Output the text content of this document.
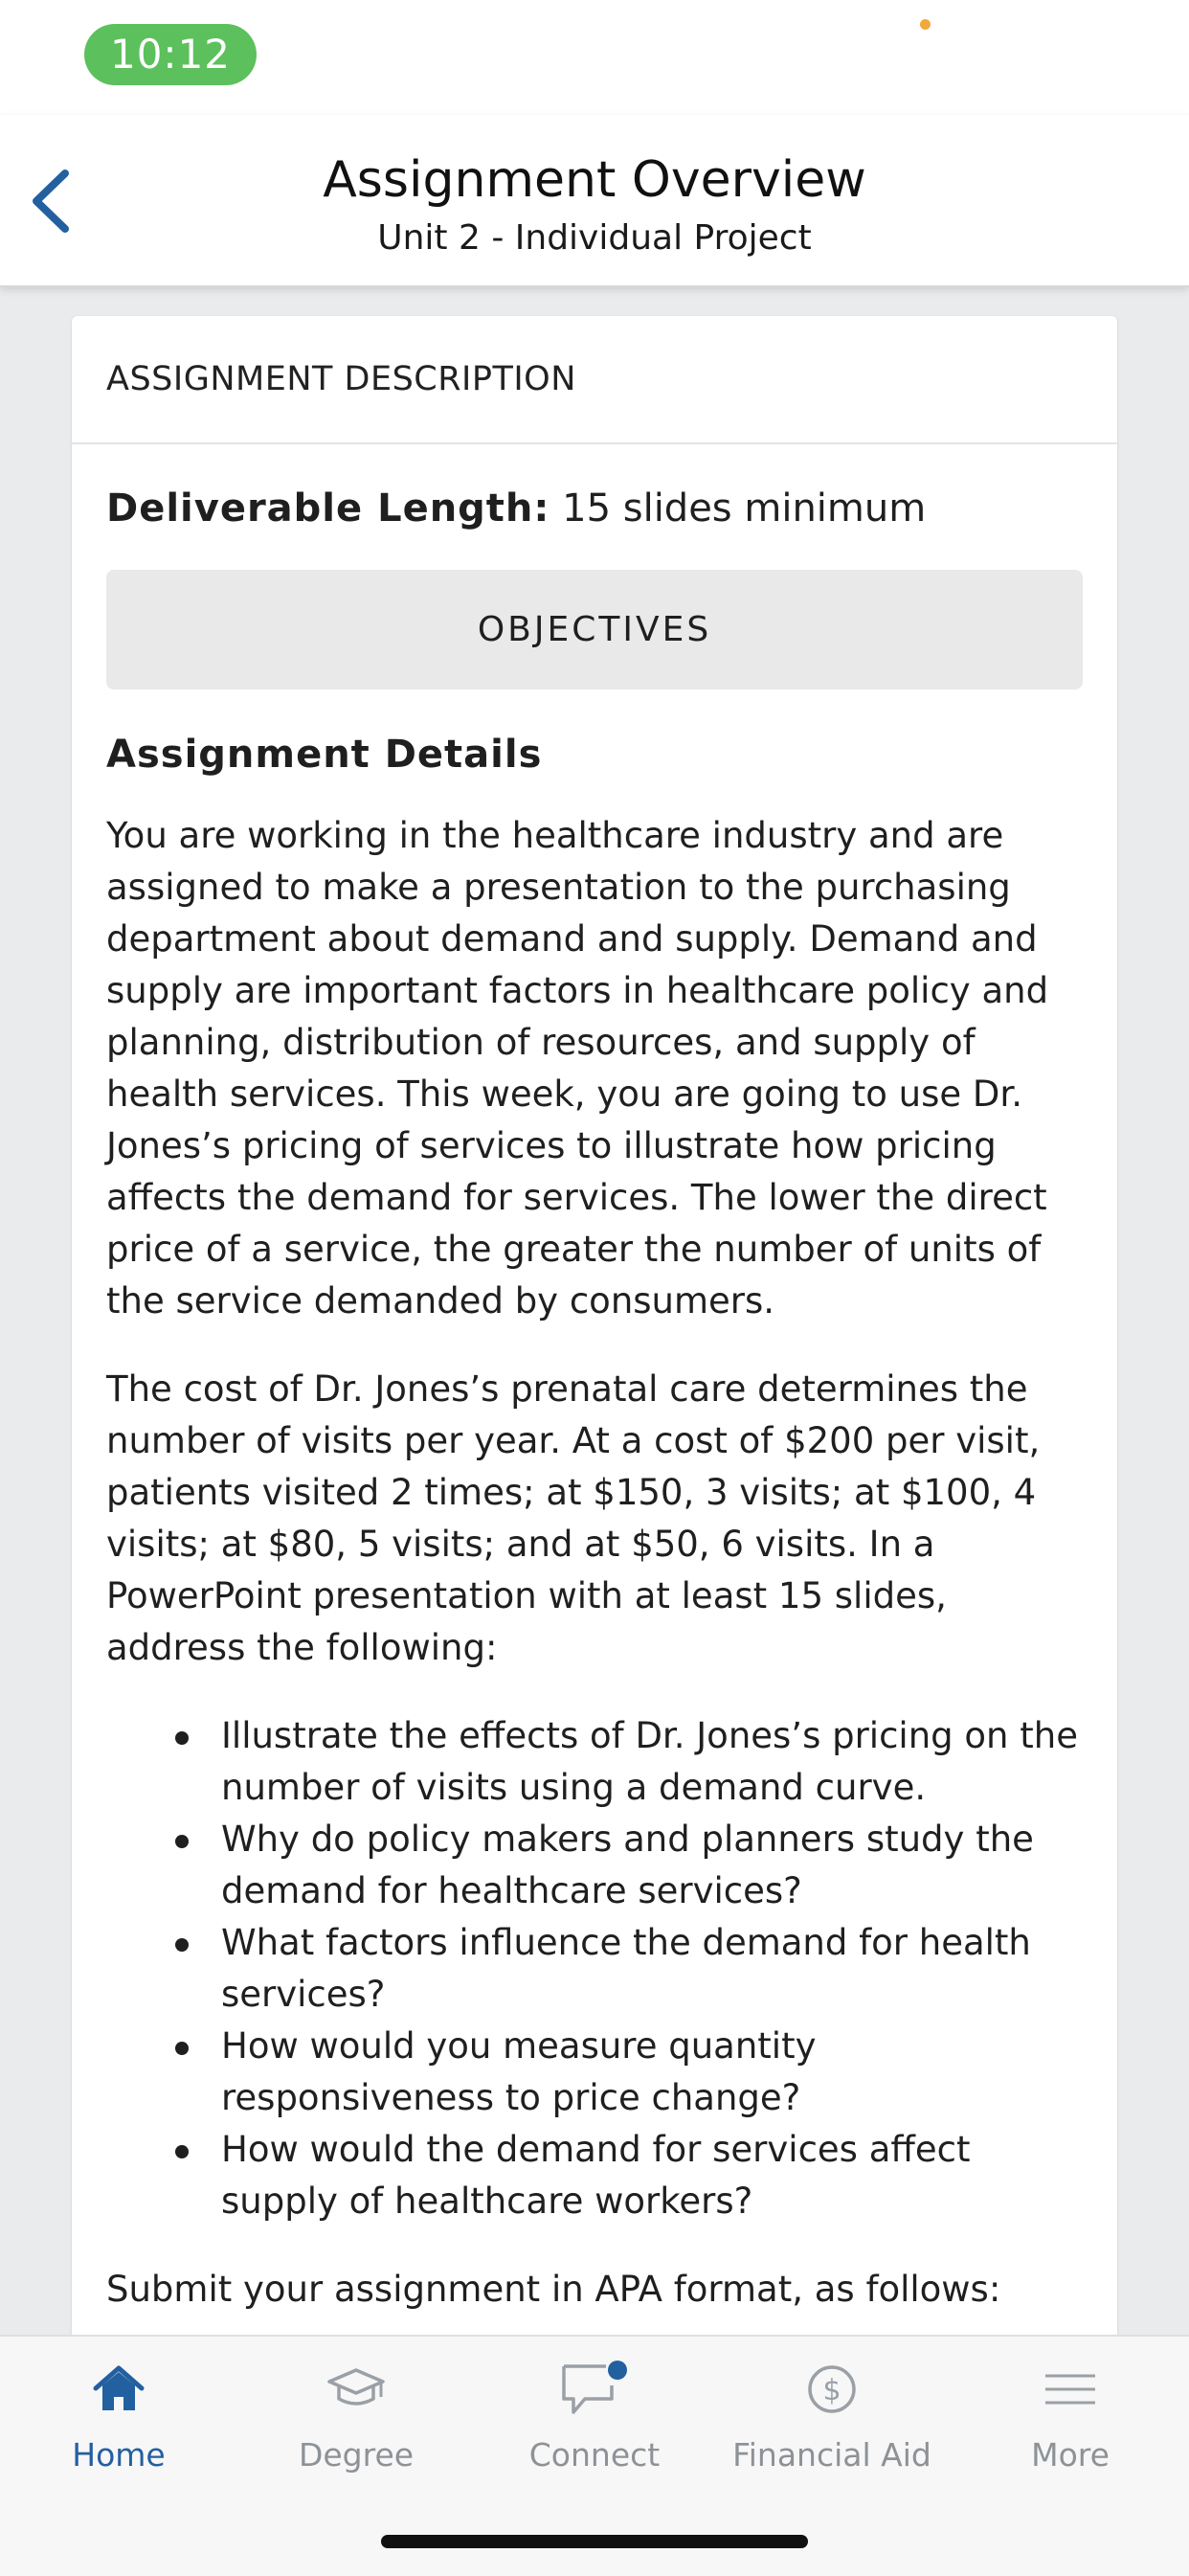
10:12
Assignment Overview
Unit 2 - Individual Project
ASSIGNMENT DESCRIPTION
Deliverable Length: 15 slides minimum
OBJECTIVES
Assignment Details
You are working in the healthcare industry and are assigned to make a presentation to the purchasing department about demand and supply. Demand and supply are important factors in healthcare policy and planning, distribution of resources, and supply of health services. This week, you are going to use Dr. Jones’s pricing of services to illustrate how pricing affects the demand for services. The lower the direct price of a service, the greater the number of units of the service demanded by consumers.
The cost of Dr. Jones’s prenatal care determines the number of visits per year. At a cost of $200 per visit, patients visited 2 times; at $150, 3 visits; at $100, 4 visits; at $80, 5 visits; and at $50, 6 visits. In a PowerPoint presentation with at least 15 slides, address the following:
Illustrate the effects of Dr. Jones’s pricing on the number of visits using a demand curve.
Why do policy makers and planners study the demand for healthcare services?
What factors influence the demand for health services?
How would you measure quantity responsiveness to price change?
How would the demand for services affect supply of healthcare workers?
Submit your assignment in APA format, as follows:
Home	Degree	Connect
$
Financial Aid	More
